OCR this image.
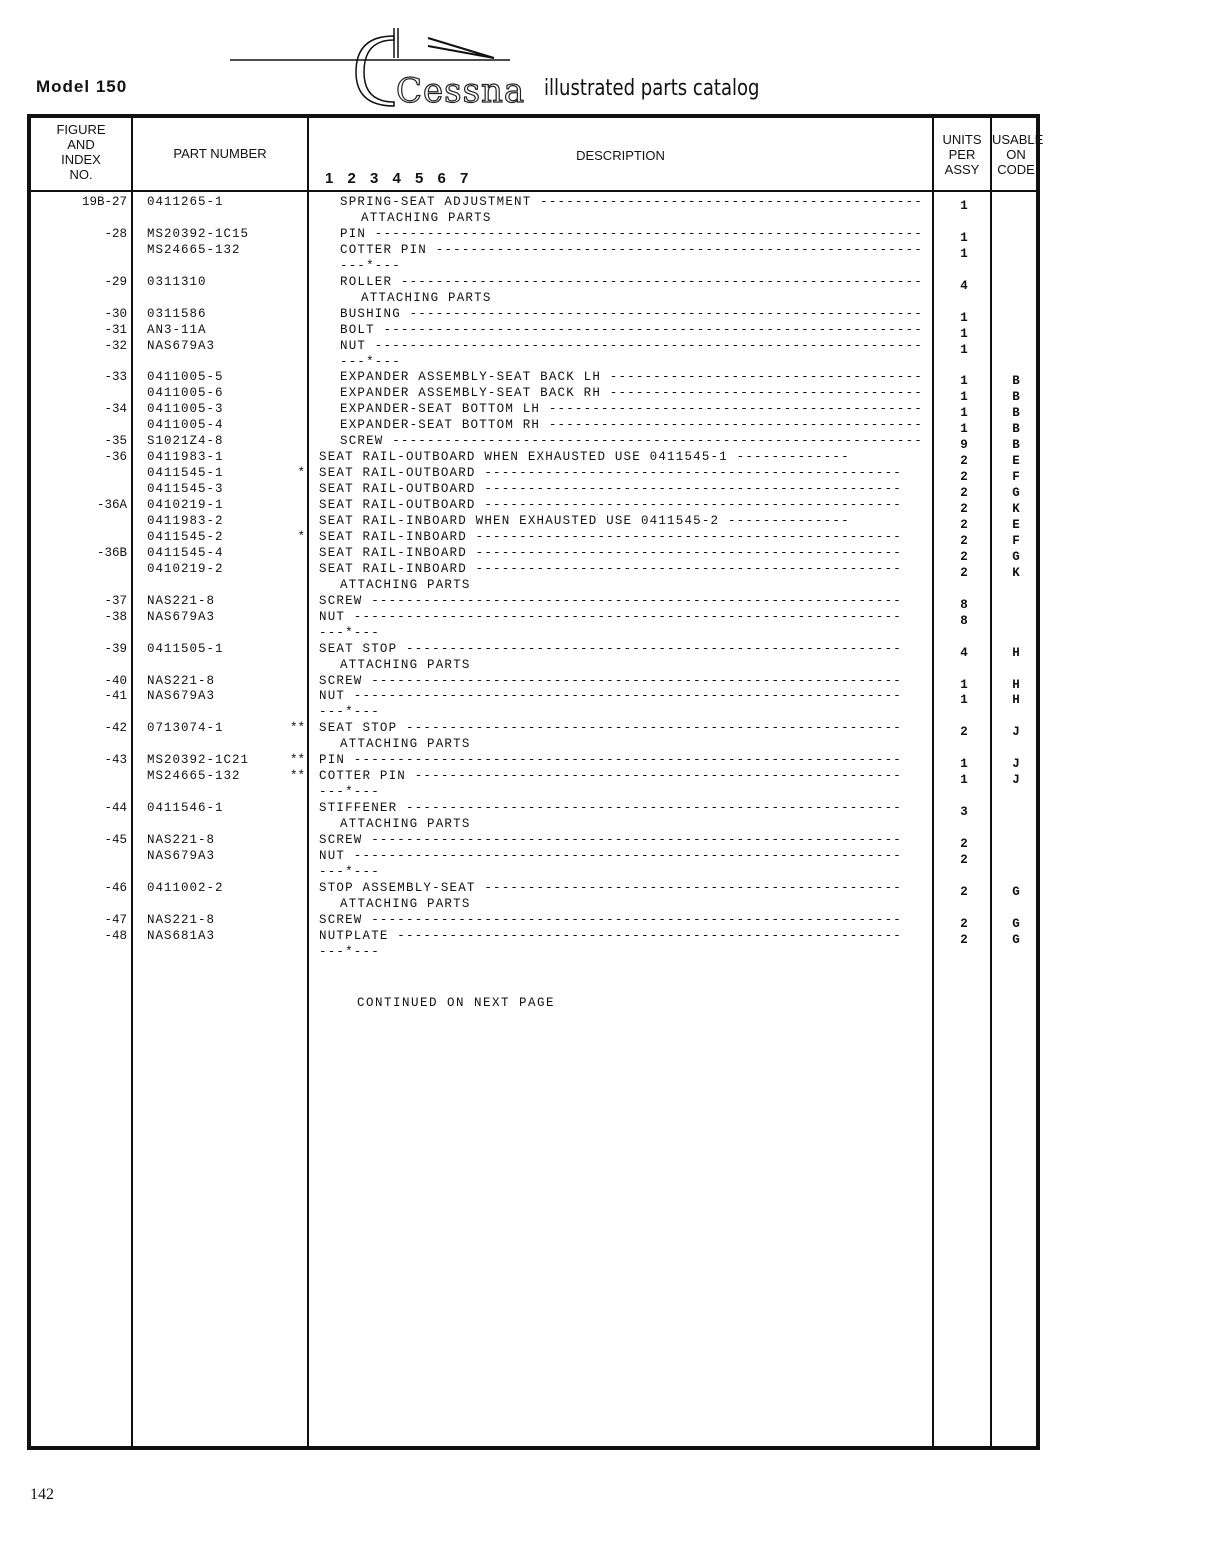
Model 150	Cessna illustrated parts catalog
FIGURE
AND
INDEX
NO.
PART NUMBER	DESCRIPTION
1 2 3 4 5 6 7
UNITS
PER
ASSY
USABLE
ON
CODE
19B-27	0411265-1	SPRING-SEAT ADJUSTMENT --------------------------------------------	1
ATTACHING PARTS
-28	MS20392-1C15	PIN ---------------------------------------------------------------	1
MS24665-132	COTTER PIN --------------------------------------------------------	1
---*---
-29	0311310	ROLLER ------------------------------------------------------------	4
ATTACHING PARTS
-30	0311586	BUSHING -----------------------------------------------------------	1
-31	AN3-11A	BOLT --------------------------------------------------------------	1
-32	NAS679A3	NUT ---------------------------------------------------------------	1
---*---
-33	0411005-5	EXPANDER ASSEMBLY-SEAT BACK LH ------------------------------------	1	B
0411005-6	EXPANDER ASSEMBLY-SEAT BACK RH ------------------------------------	1	B
-34	0411005-3	EXPANDER-SEAT BOTTOM LH -------------------------------------------	1	B
0411005-4	EXPANDER-SEAT BOTTOM RH -------------------------------------------	1	B
-35	S1021Z4-8	SCREW -------------------------------------------------------------	9	B
-36	0411983-1	SEAT RAIL-OUTBOARD WHEN EXHAUSTED USE 0411545-1 -------------	2	E
0411545-1	* SEAT RAIL-OUTBOARD ------------------------------------------------	2	F
0411545-3	SEAT RAIL-OUTBOARD ------------------------------------------------	2	G
-36A	0410219-1	SEAT RAIL-OUTBOARD ------------------------------------------------	2	K
0411983-2	SEAT RAIL-INBOARD WHEN EXHAUSTED USE 0411545-2 --------------	2	E
0411545-2	* SEAT RAIL-INBOARD -------------------------------------------------	2	F
-36B	0411545-4	SEAT RAIL-INBOARD -------------------------------------------------	2	G
0410219-2	SEAT RAIL-INBOARD -------------------------------------------------	2	K
ATTACHING PARTS
-37	NAS221-8	SCREW -------------------------------------------------------------	8
-38	NAS679A3	NUT ---------------------------------------------------------------	8
---*---
-39	0411505-1	SEAT STOP ---------------------------------------------------------	4	H
ATTACHING PARTS
-40	NAS221-8	SCREW -------------------------------------------------------------	1	H
-41	NAS679A3	NUT ---------------------------------------------------------------	1	H
---*---
-42	0713074-1	** SEAT STOP ---------------------------------------------------------	2	J
ATTACHING PARTS
-43	MS20392-1C21	** PIN ---------------------------------------------------------------	1	J
MS24665-132	** COTTER PIN --------------------------------------------------------	1	J
---*---
-44	0411546-1	STIFFENER ---------------------------------------------------------	3
ATTACHING PARTS
-45	NAS221-8	SCREW -------------------------------------------------------------	2
NAS679A3	NUT ---------------------------------------------------------------	2
---*---
-46	0411002-2	STOP ASSEMBLY-SEAT ------------------------------------------------	2	G
ATTACHING PARTS
-47	NAS221-8	SCREW -------------------------------------------------------------	2	G
-48	NAS681A3	NUTPLATE ----------------------------------------------------------	2	G
---*---
CONTINUED ON NEXT PAGE
142
